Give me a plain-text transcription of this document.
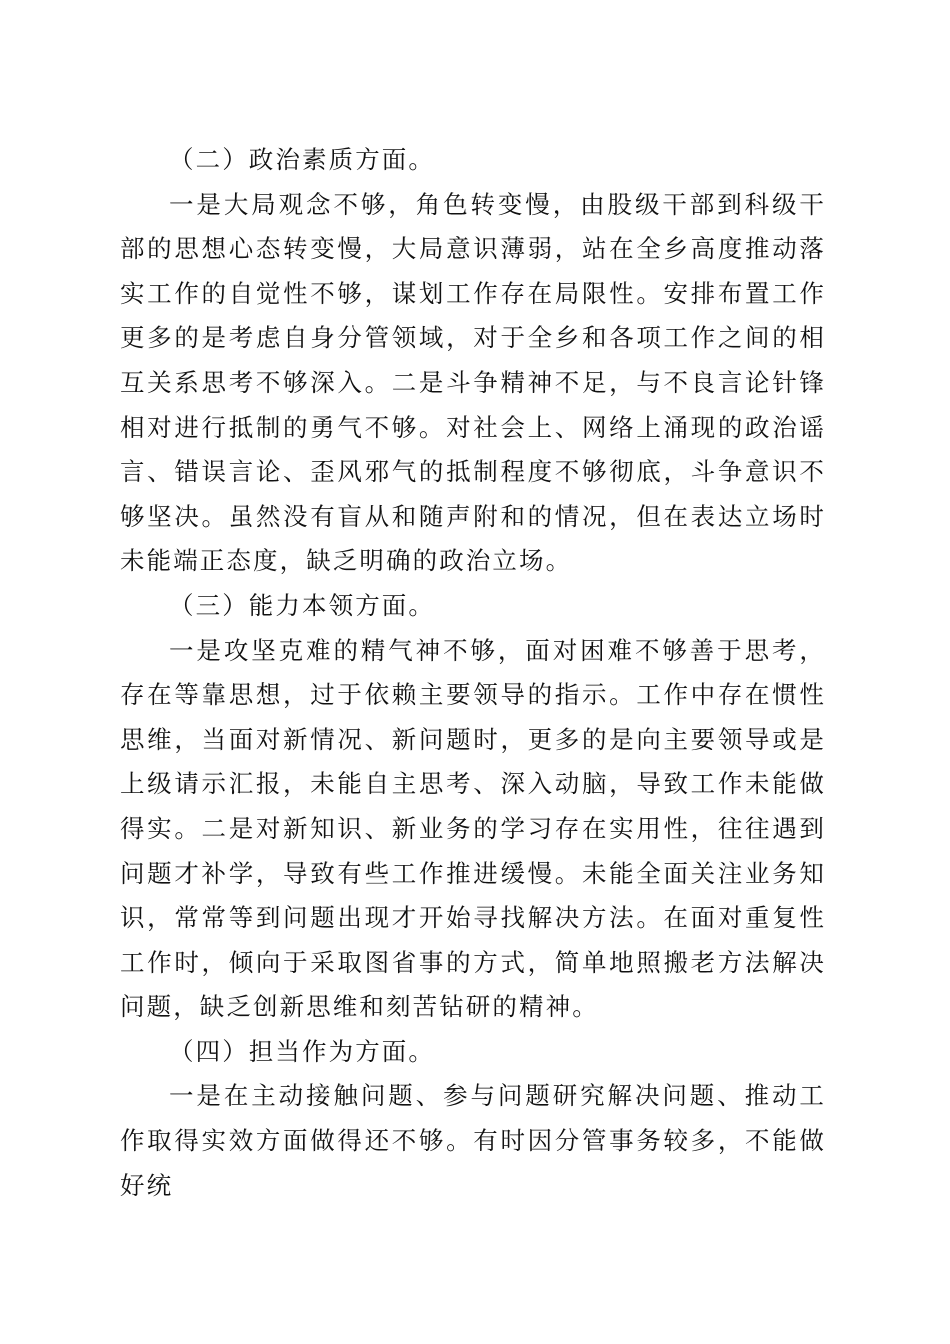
（二）政治素质方面。

一是大局观念不够，角色转变慢，由股级干部到科级干部的思想心态转变慢，大局意识薄弱，站在全乡高度推动落实工作的自觉性不够，谋划工作存在局限性。安排布置工作更多的是考虑自身分管领域，对于全乡和各项工作之间的相互关系思考不够深入。二是斗争精神不足，与不良言论针锋相对进行抵制的勇气不够。对社会上、网络上涌现的政治谣言、错误言论、歪风邪气的抵制程度不够彻底，斗争意识不够坚决。虽然没有盲从和随声附和的情况，但在表达立场时未能端正态度，缺乏明确的政治立场。

（三）能力本领方面。

一是攻坚克难的精气神不够，面对困难不够善于思考，存在等靠思想，过于依赖主要领导的指示。工作中存在惯性思维，当面对新情况、新问题时，更多的是向主要领导或是上级请示汇报，未能自主思考、深入动脑，导致工作未能做得实。二是对新知识、新业务的学习存在实用性，往往遇到问题才补学，导致有些工作推进缓慢。未能全面关注业务知识，常常等到问题出现才开始寻找解决方法。在面对重复性工作时，倾向于采取图省事的方式，简单地照搬老方法解决问题，缺乏创新思维和刻苦钻研的精神。

（四）担当作为方面。

一是在主动接触问题、参与问题研究解决问题、推动工作取得实效方面做得还不够。有时因分管事务较多，不能做好统
